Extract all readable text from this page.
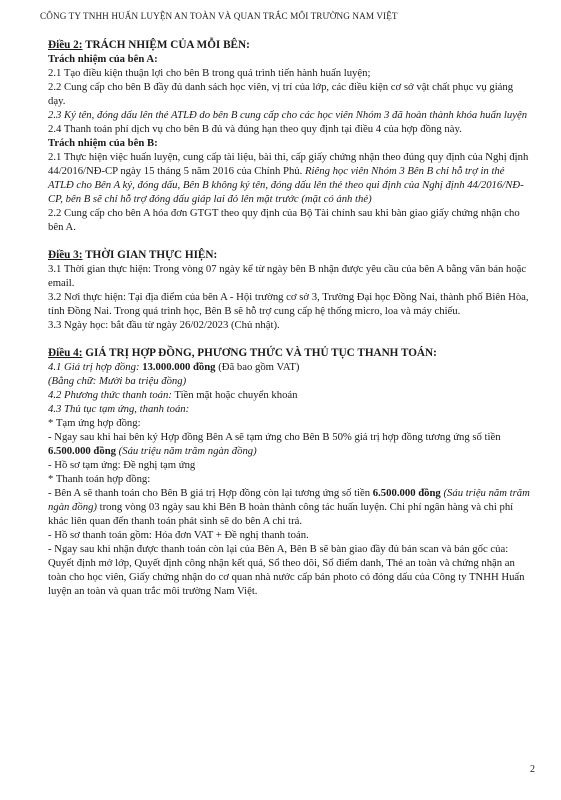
CÔNG TY TNHH HUẤN LUYỆN AN TOÀN VÀ QUAN TRẮC MÔI TRƯỜNG NAM VIỆT
Điều 2: TRÁCH NHIỆM CỦA MỖI BÊN:

Trách nhiệm của bên A:

2.1 Tạo điều kiện thuận lợi cho bên B trong quá trình tiến hành huấn luyện;

2.2 Cung cấp cho bên B đầy đủ danh sách học viên, vị trí của lớp, các điều kiện cơ sở vật chất phục vụ giảng dạy.

2.3 Ký tên, đóng dấu lên thẻ ATLĐ do bên B cung cấp cho các học viên Nhóm 3 đã hoàn thành khóa huấn luyện

2.4 Thanh toán phí dịch vụ cho bên B đủ và đúng hạn theo quy định tại điều 4 của hợp đồng này.

Trách nhiệm của bên B:

2.1 Thực hiện việc huấn luyện, cung cấp tài liệu, bài thi, cấp giấy chứng nhận theo đúng quy định của Nghị định 44/2016/NĐ-CP ngày 15 tháng 5 năm 2016 của Chính Phủ. Riêng học viên Nhóm 3 Bên B chỉ hỗ trợ in thẻ ATLĐ cho Bên A ký, đóng dấu, Bên B không ký tên, đóng dấu lên thẻ theo qui định của Nghị định 44/2016/NĐ-CP, bên B sẽ chỉ hỗ trợ đóng dấu giáp lai đỏ lên mặt trước (mặt có ảnh thẻ)

2.2 Cung cấp cho bên A hóa đơn GTGT theo quy định của Bộ Tài chính sau khi bàn giao giấy chứng nhận cho bên A.

Điều 3: THỜI GIAN THỰC HIỆN:

3.1 Thời gian thực hiện: Trong vòng 07 ngày kể từ ngày bên B nhận được yêu cầu của bên A bằng văn bản hoặc email.

3.2 Nơi thực hiện: Tại địa điểm của bên A - Hội trường cơ sở 3, Trường Đại học Đồng Nai, thành phố Biên Hòa, tỉnh Đồng Nai. Trong quá trình học, Bên B sẽ hỗ trợ cung cấp hệ thống micro, loa và máy chiếu.

3.3 Ngày học: bắt đầu từ ngày 26/02/2023 (Chủ nhật).

Điều 4: GIÁ TRỊ HỢP ĐỒNG, PHƯƠNG THỨC VÀ THỦ TỤC THANH TOÁN:

4.1 Giá trị hợp đồng: 13.000.000 đồng (Đã bao gồm VAT)

(Bằng chữ: Mười ba triệu đồng)

4.2 Phương thức thanh toán: Tiền mặt hoặc chuyển khoản

4.3 Thủ tục tạm ứng, thanh toán:

* Tạm ứng hợp đồng:

- Ngay sau khi hai bên ký Hợp đồng Bên A sẽ tạm ứng cho Bên B 50% giá trị hợp đồng tương ứng số tiền 6.500.000 đồng (Sáu triệu năm trăm ngàn đồng)

- Hồ sơ tạm ứng: Đề nghị tạm ứng

* Thanh toán hợp đồng:

- Bên A sẽ thanh toán cho Bên B giá trị Hợp đồng còn lại tương ứng số tiền 6.500.000 đồng (Sáu triệu năm trăm ngàn đồng) trong vòng 03 ngày sau khi Bên B hoàn thành công tác huấn luyện. Chi phí ngân hàng và chi phí khác liên quan đến thanh toán phát sinh sẽ do bên A chi trả.

- Hồ sơ thanh toán gồm: Hóa đơn VAT + Đề nghị thanh toán.

- Ngay sau khi nhận được thanh toán còn lại của Bên A, Bên B sẽ bàn giao đầy đủ bản scan và bản gốc của: Quyết định mở lớp, Quyết định công nhận kết quả, Sổ theo dõi, Sổ điểm danh, Thẻ an toàn và chứng nhận an toàn cho học viên, Giấy chứng nhận do cơ quan nhà nước cấp bản photo có đóng dấu của Công ty TNHH Huấn luyện an toàn và quan trắc môi trường Nam Việt.

2
